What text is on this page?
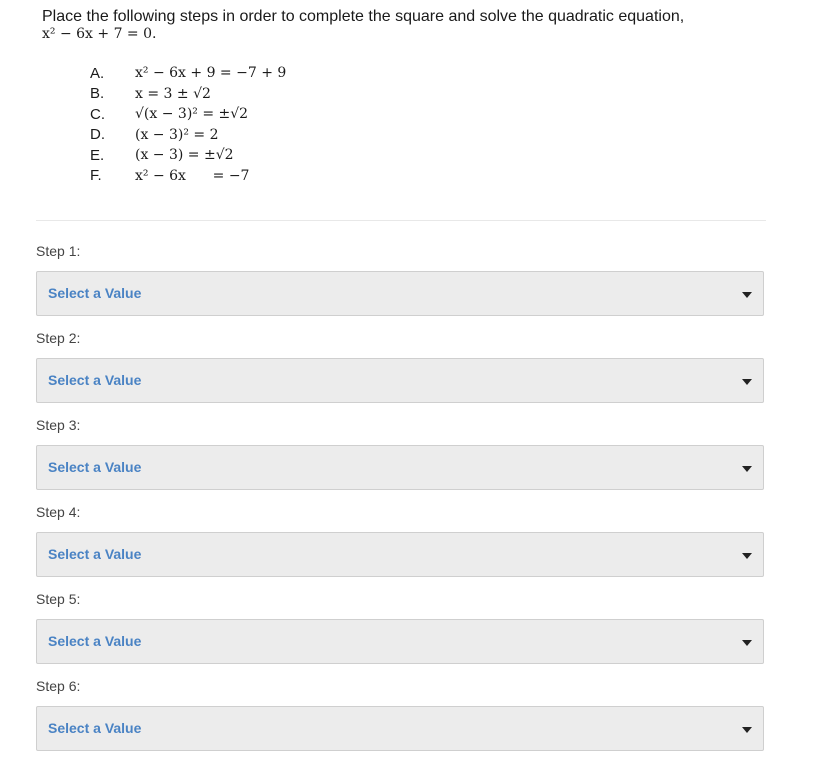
Place the following steps in order to complete the square and solve the quadratic equation,
x² − 6x + 7 = 0.
A.	x² − 6x + 9 = −7 + 9
B.	x = 3 ± √2
C.	√(x − 3)² = ±√2
D.	(x − 3)² = 2
E.	(x − 3) = ±√2
F.	x² − 6x      = −7
Step 1:
Select a Value
Step 2:
Select a Value
Step 3:
Select a Value
Step 4:
Select a Value
Step 5:
Select a Value
Step 6:
Select a Value
